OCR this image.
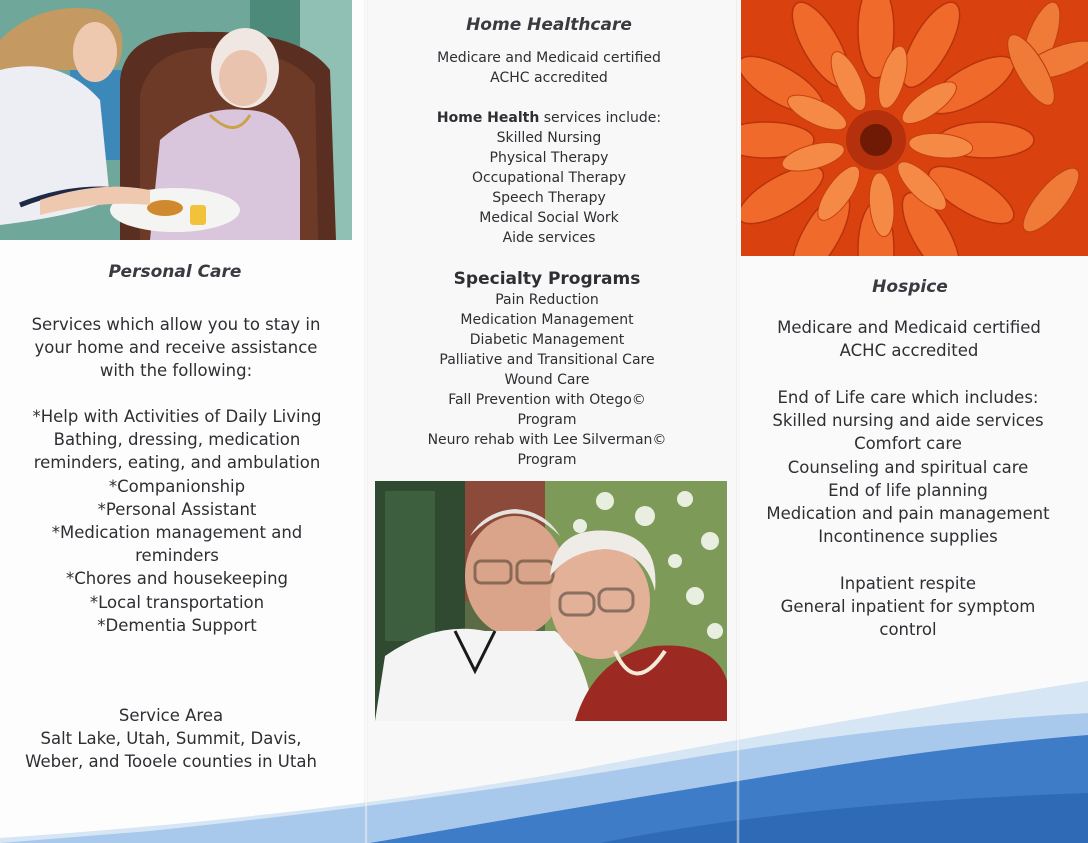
Personal Care
Services which allow you to stay in
your home and receive assistance
with the following:
*Help with Activities of Daily Living
Bathing, dressing, medication
reminders, eating, and ambulation
*Companionship
*Personal Assistant
*Medication management and
reminders
*Chores and housekeeping
*Local transportation
*Dementia Support
Service Area
Salt Lake, Utah, Summit, Davis,
Weber, and Tooele counties in Utah
Home Healthcare
Medicare and Medicaid certified
ACHC accredited
Home Health services include:
Skilled Nursing
Physical Therapy
Occupational Therapy
Speech Therapy
Medical Social Work
Aide services
Specialty Programs
Pain Reduction
Medication Management
Diabetic Management
Palliative and Transitional Care
Wound Care
Fall Prevention with Otego©
Program
Neuro rehab with Lee Silverman©
Program
Hospice
Medicare and Medicaid certified
ACHC accredited
End of Life care which includes:
Skilled nursing and aide services
Comfort care
Counseling and spiritual care
End of life planning
Medication and pain management
Incontinence supplies
Inpatient respite
General inpatient for symptom
control
